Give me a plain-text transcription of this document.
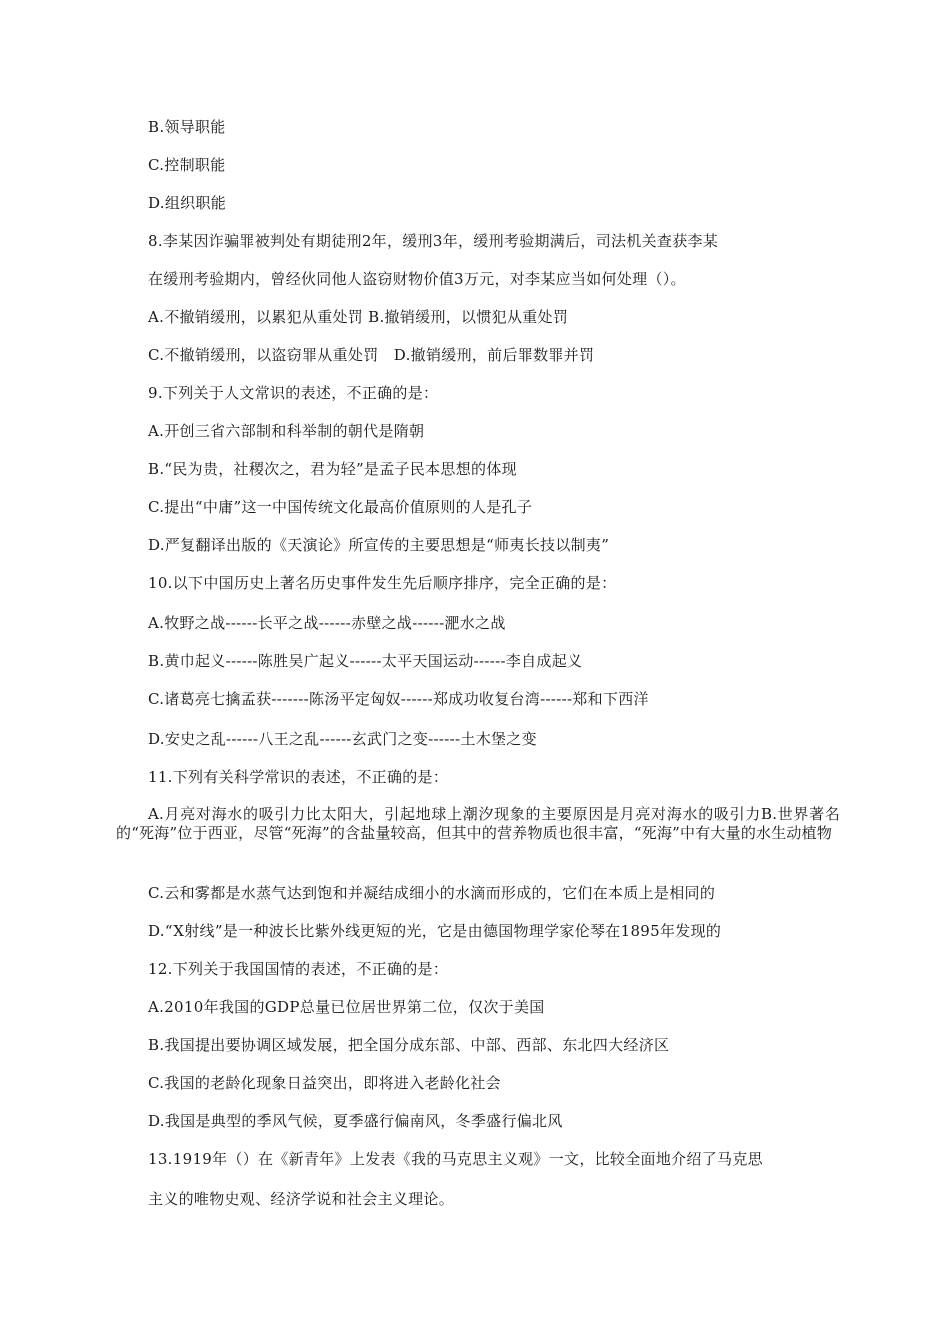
B.领导职能
C.控制职能
D.组织职能
8.李某因诈骗罪被判处有期徒刑2年，缓刑3年，缓刑考验期满后，司法机关查获李某
在缓刑考验期内，曾经伙同他人盗窃财物价值3万元，对李某应当如何处理（）。
A.不撤销缓刑，以累犯从重处罚 B.撤销缓刑，以惯犯从重处罚
C.不撤销缓刑，以盗窃罪从重处罚　D.撤销缓刑，前后罪数罪并罚
9.下列关于人文常识的表述，不正确的是：
A.开创三省六部制和科举制的朝代是隋朝
B.“民为贵，社稷次之，君为轻”是孟子民本思想的体现
C.提出“中庸”这一中国传统文化最高价值原则的人是孔子
D.严复翻译出版的《天演论》所宣传的主要思想是“师夷长技以制夷”
10.以下中国历史上著名历史事件发生先后顺序排序，完全正确的是：
A.牧野之战------长平之战------赤壁之战------淝水之战
B.黄巾起义------陈胜吴广起义------太平天国运动------李自成起义
C.诸葛亮七擒孟获-------陈汤平定匈奴------郑成功收复台湾------郑和下西洋
D.安史之乱------八王之乱------玄武门之变------土木堡之变
11.下列有关科学常识的表述，不正确的是：
A.月亮对海水的吸引力比太阳大，引起地球上潮汐现象的主要原因是月亮对海水的吸引力B.世界著名的“死海”位于西亚，尽管“死海”的含盐量较高，但其中的营养物质也很丰富，“死海”中有大量的水生动植物
C.云和雾都是水蒸气达到饱和并凝结成细小的水滴而形成的，它们在本质上是相同的
D.“X射线”是一种波长比紫外线更短的光，它是由德国物理学家伦琴在1895年发现的
12.下列关于我国国情的表述，不正确的是：
A.2010年我国的GDP总量已位居世界第二位，仅次于美国
B.我国提出要协调区域发展，把全国分成东部、中部、西部、东北四大经济区
C.我国的老龄化现象日益突出，即将进入老龄化社会
D.我国是典型的季风气候，夏季盛行偏南风，冬季盛行偏北风
13.1919年（）在《新青年》上发表《我的马克思主义观》一文，比较全面地介绍了马克思
主义的唯物史观、经济学说和社会主义理论。
